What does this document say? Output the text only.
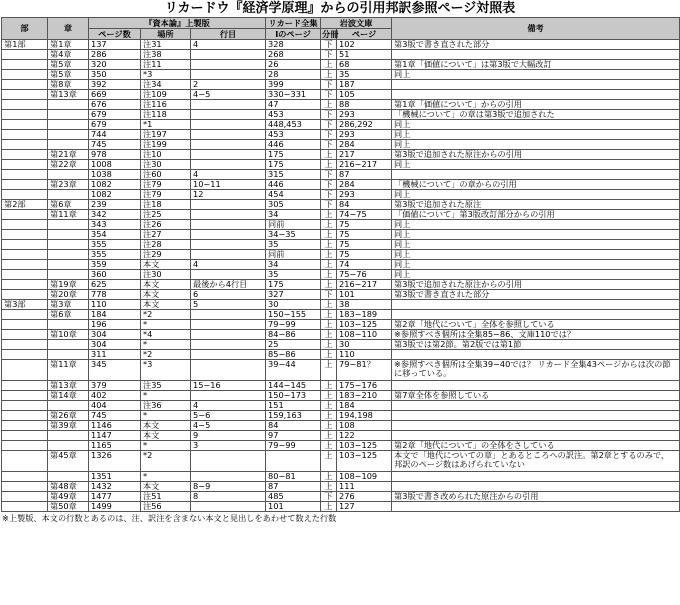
リカードウ『経済学原理』からの引用邦訳参照ページ対照表
部	章	『資本論』上製版			リカード全集	岩波文庫		備考
		ページ数	場所	行目	Ⅰのページ	分冊	ページ	
第1部	第1章	137	注31	4	328	下	102	第3版で書き直された部分
	第4章	286	注38		268	下	51	
	第5章	320	注11		26	上	68	第1章「価値について」は第3版で大幅改訂
	第5章	350	*3		28	上	35	同上
	第8章	392	注34	2	399	下	187	
	第13章	669	注109	4−5	330−331	下	105	
		676	注116		47	上	88	第1章「価値について」からの引用
		679	注118		453	下	293	「機械について」の章は第3版で追加された
		679	*1		448,453	下	286,292	同上
		744	注197		453	下	293	同上
		745	注199		446	下	284	同上
	第21章	978	注10		175	上	217	第3版で追加された原注からの引用
	第22章	1008	注30		175	上	216−217	同上
		1038	注60	4	315	下	87	
	第23章	1082	注79	10−11	446	下	284	「機械について」の章からの引用
		1082	注79	12	454	下	293	同上
第2部	第6章	239	注18		305	下	84	第3版で追加された原注
	第11章	342	注25		34	上	74−75	「価値について」第3版改訂部分からの引用
		343	注26		同前	上	75	同上
		354	注27		34−35	上	75	同上
		355	注28		35	上	75	同上
		355	注29		同前	上	75	同上
		359	本文	4	34	上	74	同上
		360	注30		35	上	75−76	同上
	第19章	625	本文	最後から4行目	175	上	216−217	第3版で追加された原注からの引用
	第20章	778	本文	6	327	下	101	第3版で書き直された部分
第3部	第3章	110	本文	5	30	上	38	
	第6章	184	*2		150−155	上	183−189	
		196	*		79−99	上	103−125	第2章「地代について」全体を参照している
	第10章	304	*4		84−86	上	108−110	※参照すべき個所は全集85−86、文庫110では？
		304	*		25	上	30	第3版では第2節。第2版では第1節
		311	*2		85−86	上	110	
	第11章	345	*3		39−44	上	79−81？	※参照すべき個所は全集39−40では？ リカード全集43ページからは次の節に移っている。
	第13章	379	注35	15−16	144−145	上	175−176	
	第14章	402	*		150−173	上	183−210	第7章全体を参照している
		404	注36	4	151	上	184	
	第26章	745	*	5−6	159,163	上	194,198	
	第39章	1146	本文	4−5	84	上	108	
		1147	本文	9	97	上	122	
		1165	*	3	79−99	上	103−125	第2章「地代について」の全体をさしている
	第45章	1326	*2			上	103−125	本文で「地代についての章」とあるところへの訳注。第2章とするのみで、邦訳のページ数はあげられていない
		1351	*		80−81	上	108−109	
	第48章	1432	本文	8−9	87	上	111	
	第49章	1477	注51	8	485	下	276	第3版で書き改められた原注からの引用
	第50章	1499	注56		101	上	127	
※上製版、本文の行数とあるのは、注、訳注を含まない本文と見出しをあわせて数えた行数
